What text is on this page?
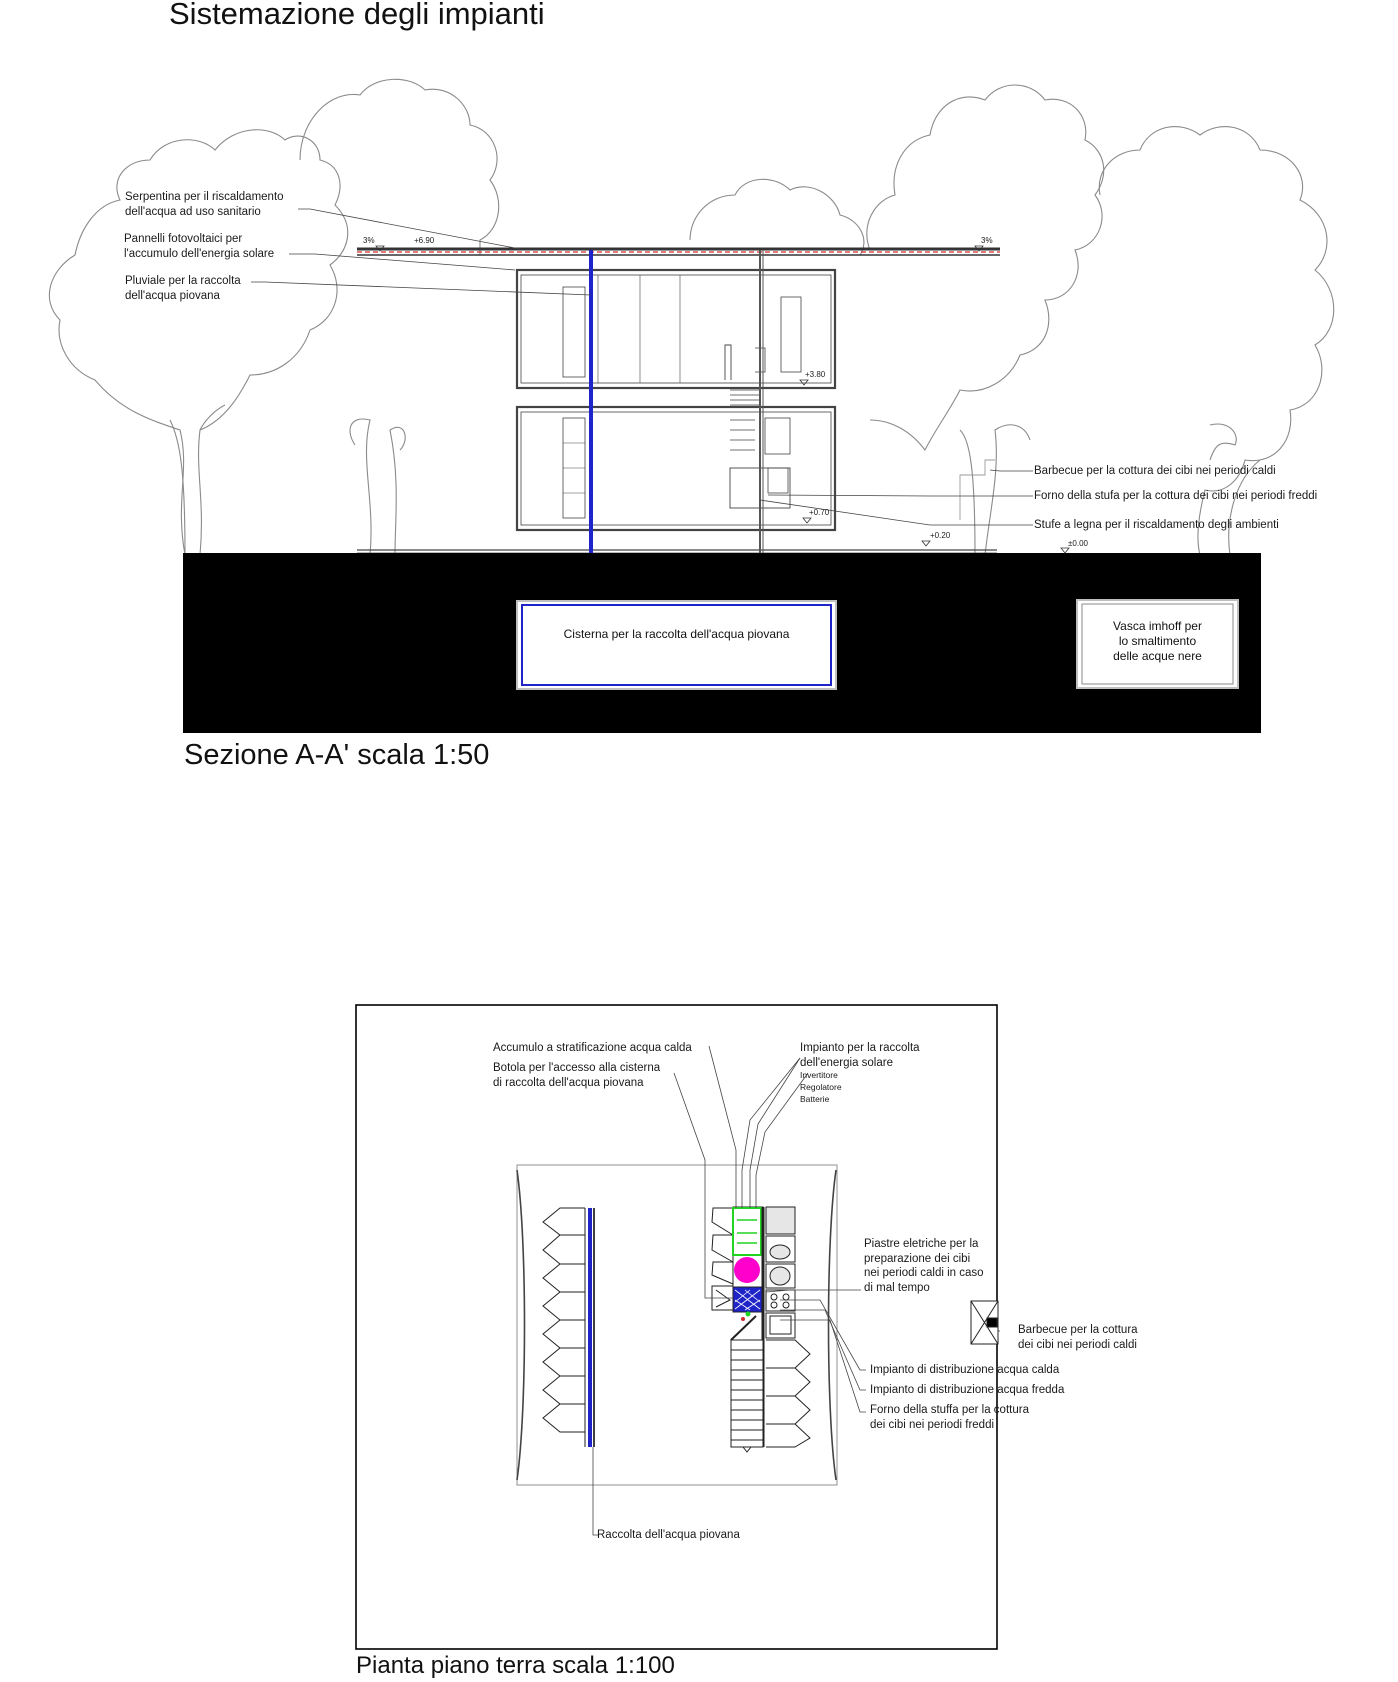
Sistemazione degli impianti
Serpentina per il riscaldamento
dell'acqua ad uso sanitario
Pannelli fotovoltaici per
l'accumulo dell'energia solare
Pluviale per la raccolta
dell'acqua piovana
Barbecue per la cottura dei cibi nei periodi caldi
Forno della stufa per la cottura dei cibi nei periodi freddi
Stufe a legna per il riscaldamento degli ambienti
3%	+6.90	3%
+3.80
+0.70
+0.20
±0.00
Cisterna per la raccolta dell'acqua piovana
Vasca imhoff per
lo smaltimento
delle acque nere
Sezione A-A' scala 1:50
Accumulo a stratificazione acqua calda
Botola per l'accesso alla cisterna
di raccolta dell'acqua piovana
Impianto per la raccolta
dell'energia solare
Invertitore
Regolatore
Batterie
Piastre eletriche per la
preparazione dei cibi
nei periodi caldi in caso
di mal tempo
Barbecue per la cottura
dei cibi nei periodi caldi
Impianto di distribuzione acqua calda
Impianto di distribuzione acqua fredda
Forno della stuffa per la cottura
dei cibi nei periodi freddi
Raccolta dell'acqua piovana
Pianta piano terra scala 1:100
